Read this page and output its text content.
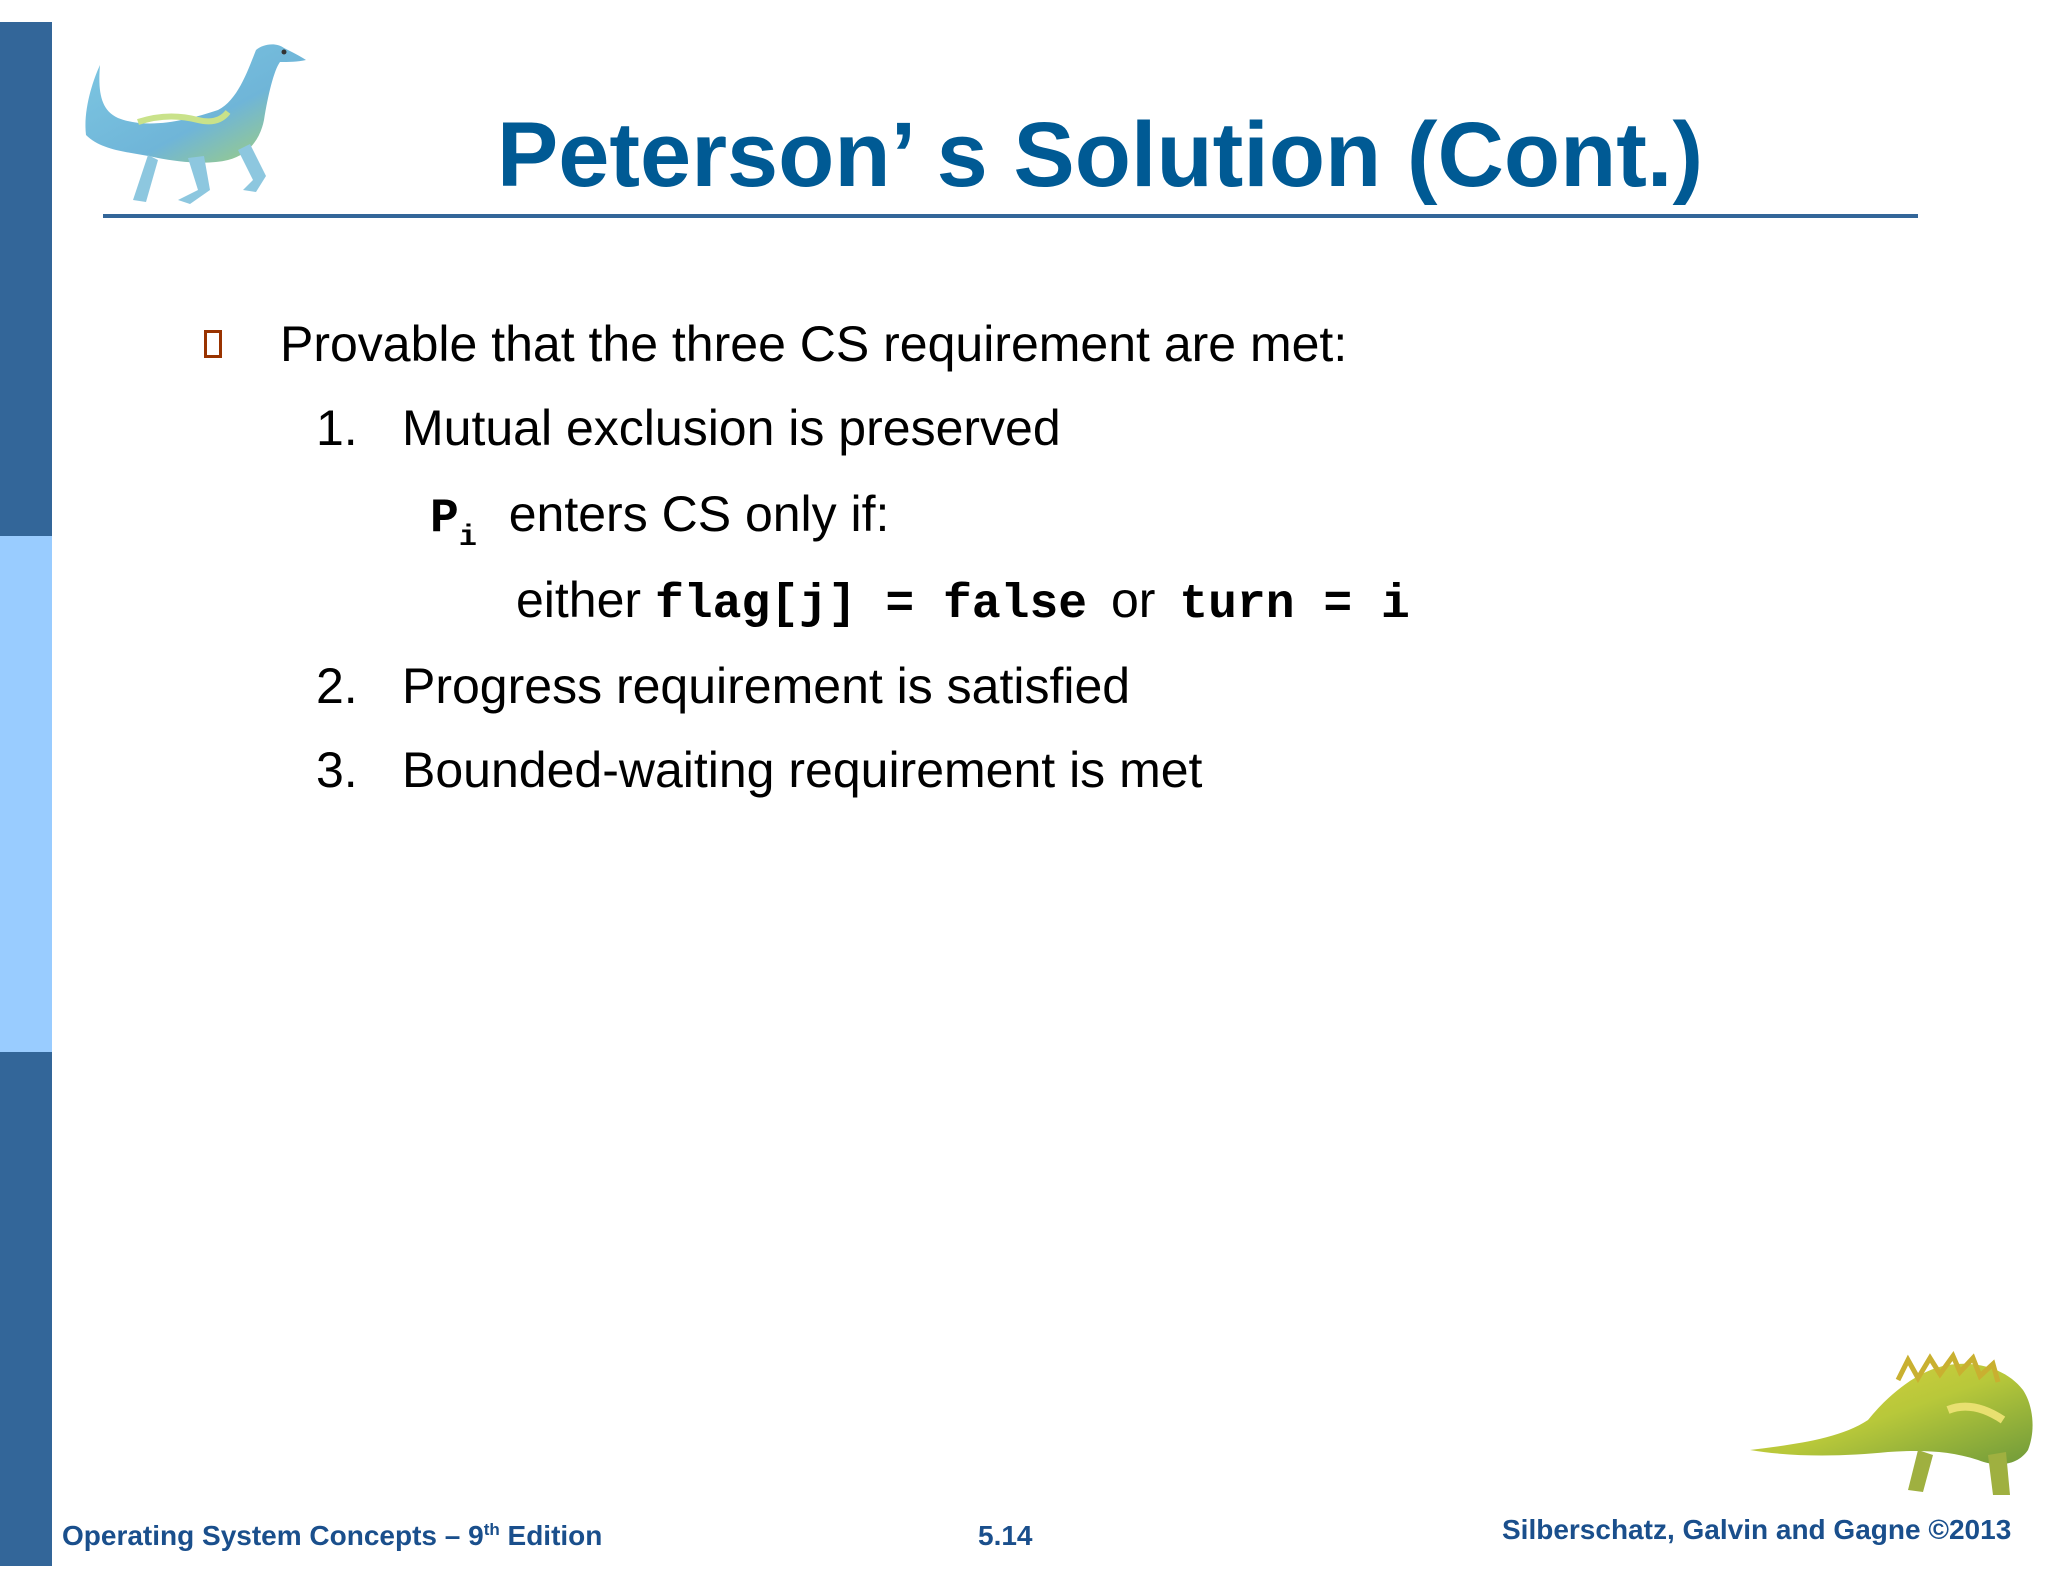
Peterson’ s Solution (Cont.)
Provable that the three CS requirement are met:
1. Mutual exclusion is preserved
$P_i$ enters CS only if:
either flag[j] = false or turn = i
2. Progress requirement is satisfied
3. Bounded-waiting requirement is met
Operating System Concepts – 9th Edition	5.14	Silberschatz, Galvin and Gagne ©2013
